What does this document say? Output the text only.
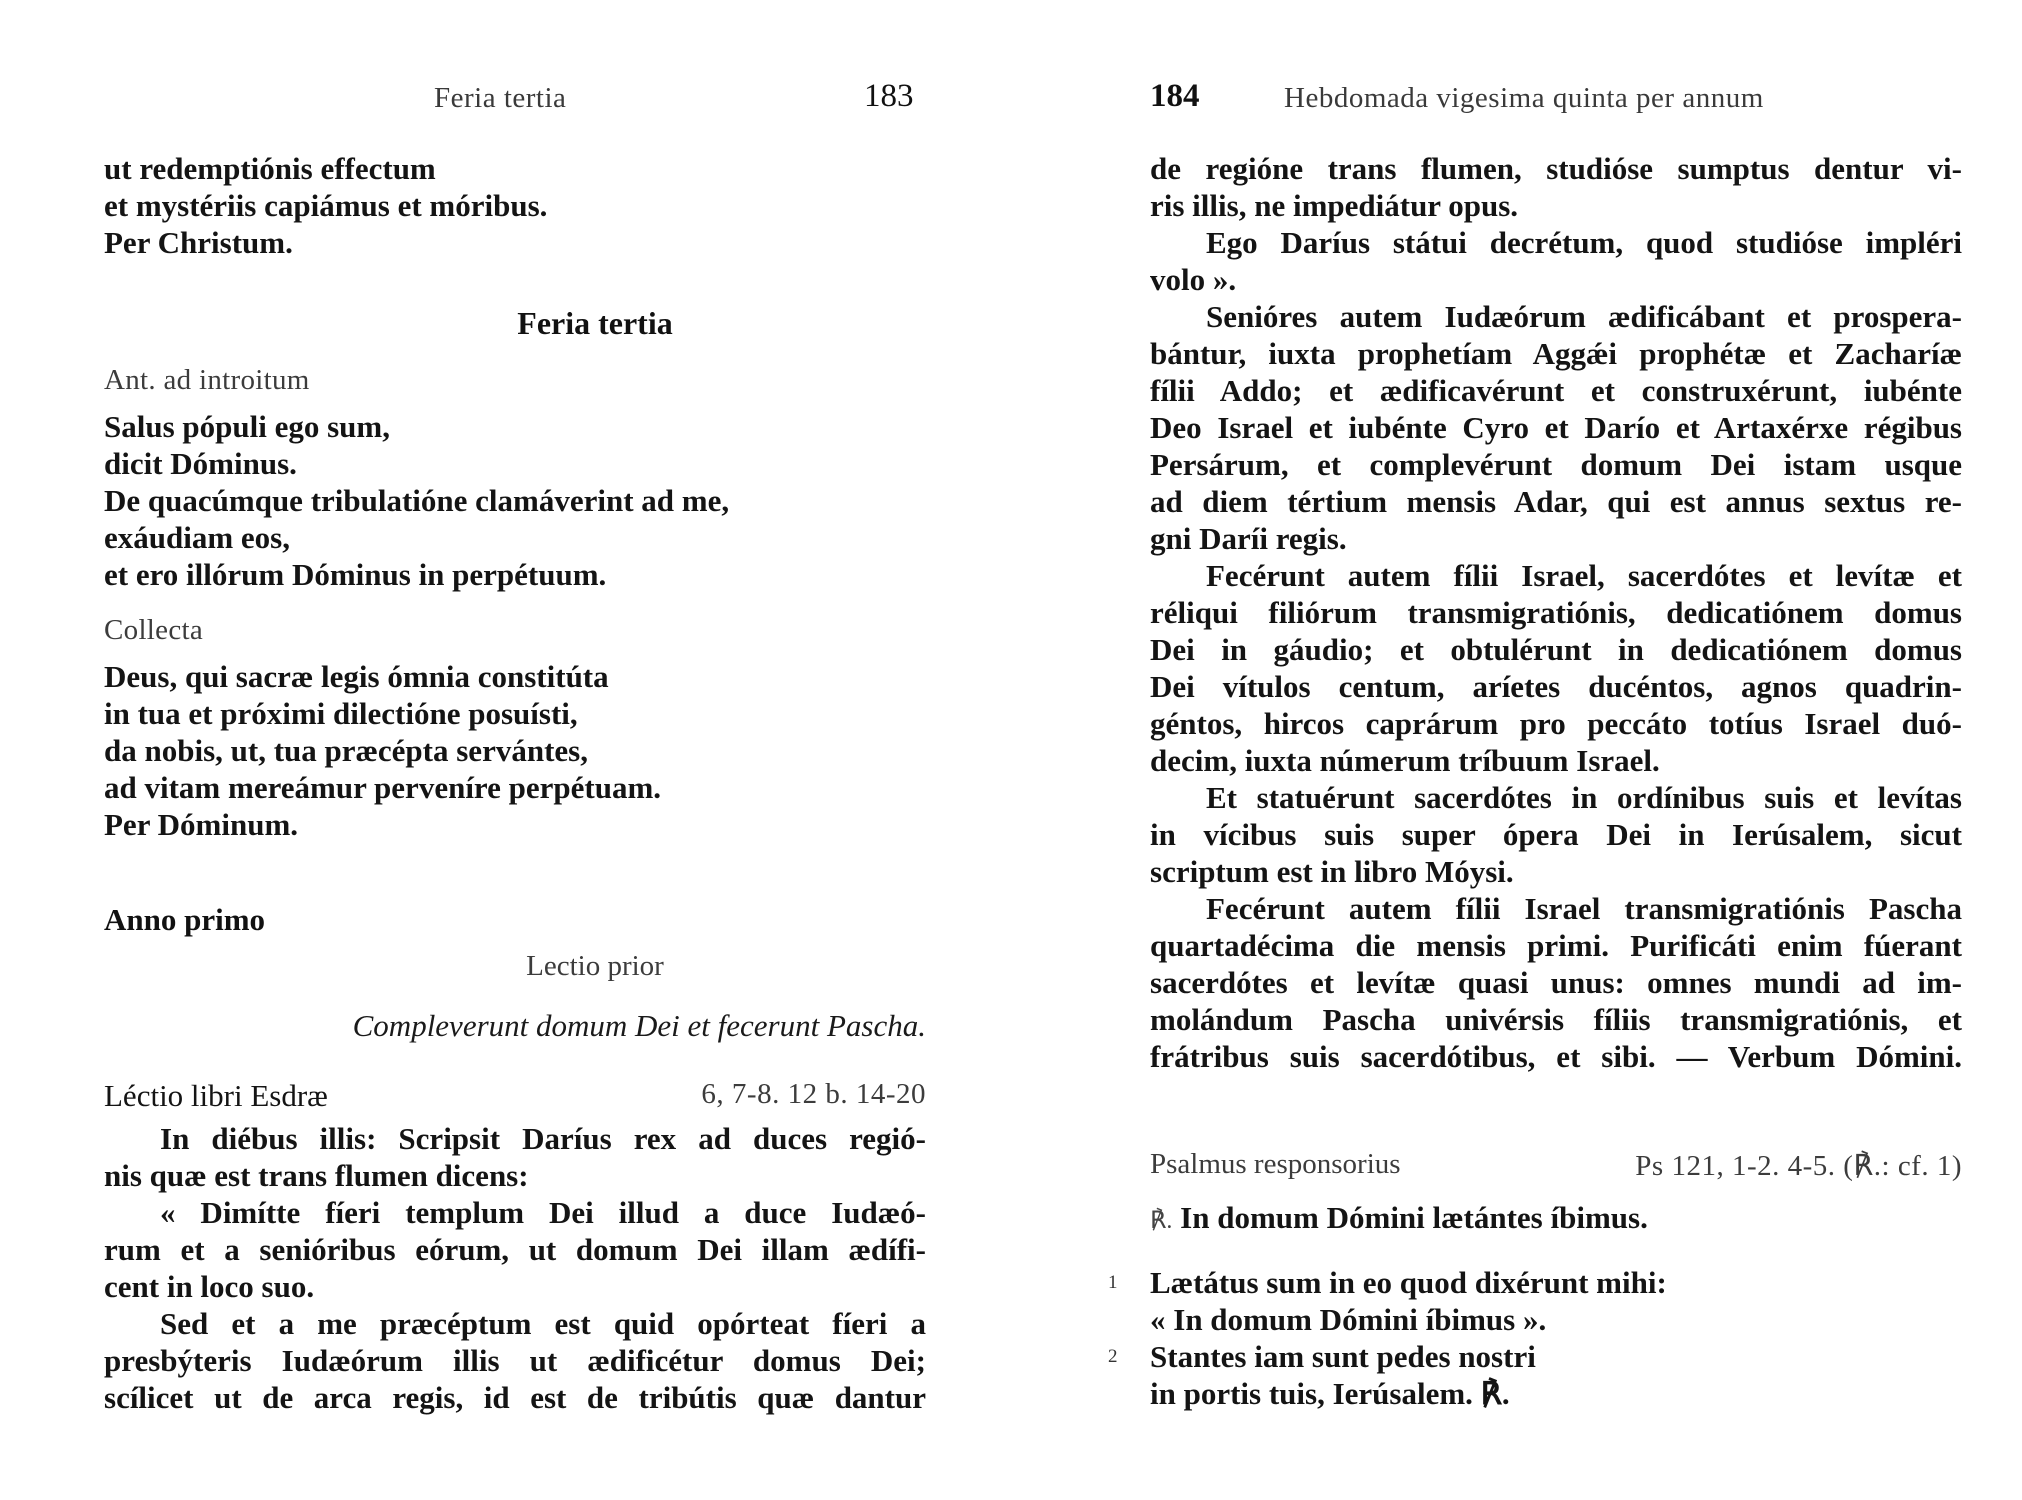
Feria tertia	183
ut redemptiónis effectum
et mystériis capiámus et móribus.
Per Christum.
Feria tertia
Ant. ad introitum
Salus pópuli ego sum,
dicit Dóminus.
De quacúmque tribulatióne clamáverint ad me,
exáudiam eos,
et ero illórum Dóminus in perpétuum.
Collecta
Deus, qui sacræ legis ómnia constitúta
in tua et próximi dilectióne posuísti,
da nobis, ut, tua præcépta servántes,
ad vitam mereámur perveníre perpétuam.
Per Dóminum.
Anno primo
Lectio prior
Compleverunt domum Dei et fecerunt Pascha.
Léctio libri Esdræ	6, 7-8. 12 b. 14-20
In diébus illis: Scripsit Daríus rex ad duces regió-
nis quæ est trans flumen dicens:
« Dimítte fíeri templum Dei illud a duce Iudæó-
rum et a senióribus eórum, ut domum Dei illam ædífi-
cent in loco suo.
Sed et a me præcéptum est quid opórteat fíeri a
presbýteris Iudæórum illis ut ædificétur domus Dei;
scílicet ut de arca regis, id est de tribútis quæ dantur
184	Hebdomada vigesima quinta per annum
de regióne trans flumen, studióse sumptus dentur vi-
ris illis, ne impediátur opus.
Ego Daríus státui decrétum, quod studióse impléri
volo ».
Senióres autem Iudæórum ædificábant et prospera-
bántur, iuxta prophetíam Aggǽi prophétæ et Zacharíæ
fílii Addo; et ædificavérunt et construxérunt, iubénte
Deo Israel et iubénte Cyro et Darío et Artaxérxe régibus
Persárum, et complevérunt domum Dei istam usque
ad diem tértium mensis Adar, qui est annus sextus re-
gni Daríi regis.
Fecérunt autem fílii Israel, sacerdótes et levítæ et
réliqui filiórum transmigratiónis, dedicatiónem domus
Dei in gáudio; et obtulérunt in dedicatiónem domus
Dei vítulos centum, aríetes ducéntos, agnos quadrin-
géntos, hircos caprárum pro peccáto totíus Israel duó-
decim, iuxta númerum tríbuum Israel.
Et statuérunt sacerdótes in ordínibus suis et levítas
in vícibus suis super ópera Dei in Ierúsalem, sicut
scriptum est in libro Móysi.
Fecérunt autem fílii Israel transmigratiónis Pascha
quartadécima die mensis primi. Purificáti enim fúerant
sacerdótes et levítæ quasi unus: omnes mundi ad im-
molándum Pascha univérsis fíliis transmigratiónis, et
frátribus suis sacerdótibus, et sibi. — Verbum Dómini.
Psalmus responsorius	Ps 121, 1-2. 4-5. (℟.: cf. 1)
℟. In domum Dómini lætántes íbimus.
1 Lætátus sum in eo quod dixérunt mihi:
« In domum Dómini íbimus ».
2 Stantes iam sunt pedes nostri
in portis tuis, Ierúsalem. ℟.
